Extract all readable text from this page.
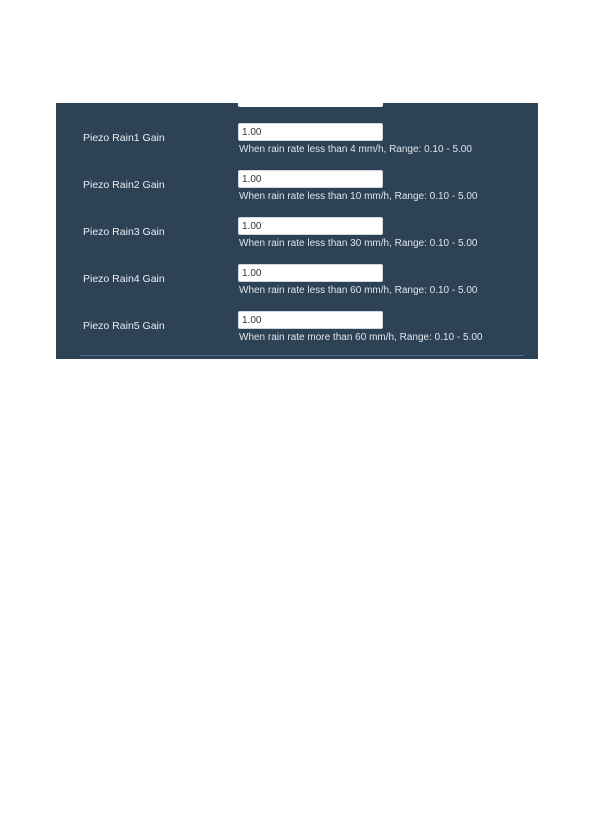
Piezo Rain1 Gain
1.00
When rain rate less than 4 mm/h, Range: 0.10 - 5.00
Piezo Rain2 Gain
1.00
When rain rate less than 10 mm/h, Range: 0.10 - 5.00
Piezo Rain3 Gain
1.00
When rain rate less than 30 mm/h, Range: 0.10 - 5.00
Piezo Rain4 Gain
1.00
When rain rate less than 60 mm/h, Range: 0.10 - 5.00
Piezo Rain5 Gain
1.00
When rain rate more than 60 mm/h, Range: 0.10 - 5.00
